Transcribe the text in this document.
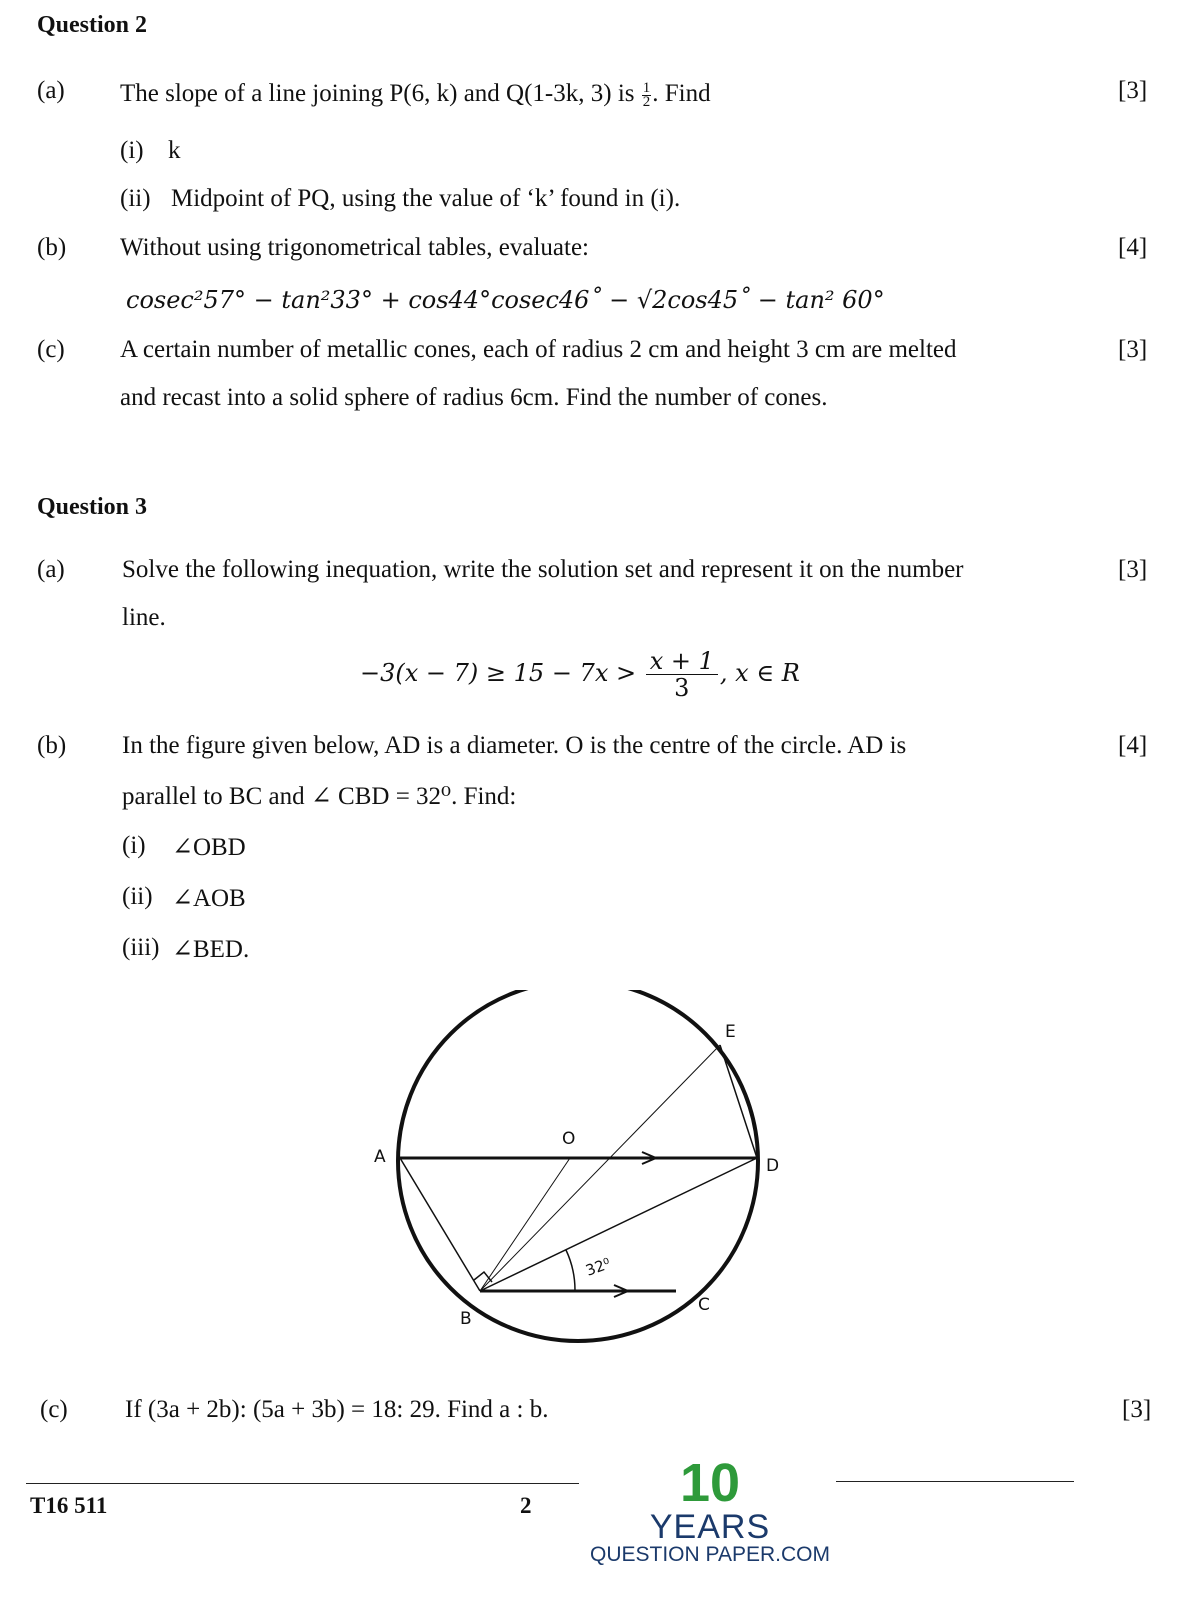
Question 2
(a) The slope of a line joining P(6, k) and Q(1-3k, 3) is $\frac{1}{2}$ . Find	[3]
(i) k
(ii) Midpoint of PQ, using the value of ‘k’ found in (i).
(b) Without using trigonometrical tables, evaluate:	[4]
cosec²57° − tan²33° + cos44°cosec46˚ − √2cos45˚ − tan² 60°
(c) A certain number of metallic cones, each of radius 2 cm and height 3 cm are melted	[3]
and recast into a solid sphere of radius 6cm. Find the number of cones.
Question 3
(a) Solve the following inequation, write the solution set and represent it on the number	[3]
line.
$-3(x - 7) \ge 15 - 7x > \frac{x + 1}{3}$ , x ∈ R
(b) In the figure given below, AD is a diameter. O is the centre of the circle. AD is	[4]
parallel to BC and ∠ CBD = 32⁰. Find:
(i) ∠OBD
(ii) ∠AOB
(iii) ∠BED.
32⁰
A
B
C
D
E
O
(c) If (3a + 2b): (5a + 3b) = 18: 29. Find a : b.	[3]
T16 511	2	10
YEARS
QUESTION PAPER.COM
